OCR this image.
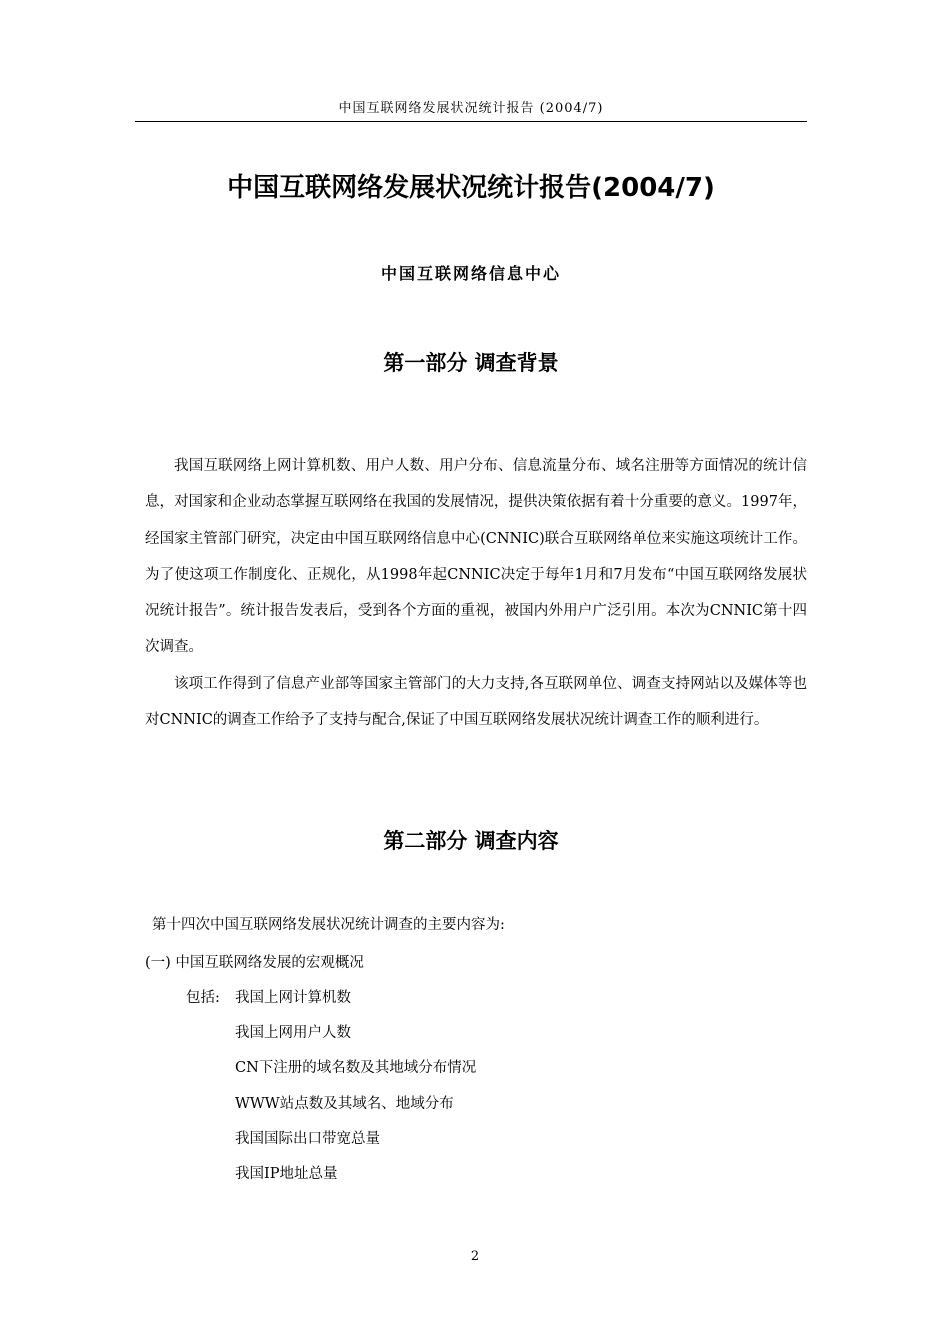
中国互联网络发展状况统计报告 (2004/7)
中国互联网络发展状况统计报告(2004/7)
中国互联网络信息中心
第一部分 调查背景

我国互联网络上网计算机数、用户人数、用户分布、信息流量分布、域名注册等方面情况的统计信息，对国家和企业动态掌握互联网络在我国的发展情况，提供决策依据有着十分重要的意义。1997年，经国家主管部门研究，决定由中国互联网络信息中心(CNNIC)联合互联网络单位来实施这项统计工作。为了使这项工作制度化、正规化，从1998年起CNNIC决定于每年1月和7月发布“中国互联网络发展状况统计报告”。统计报告发表后，受到各个方面的重视，被国内外用户广泛引用。本次为CNNIC第十四次调查。

该项工作得到了信息产业部等国家主管部门的大力支持,各互联网单位、调查支持网站以及媒体等也对CNNIC的调查工作给予了支持与配合,保证了中国互联网络发展状况统计调查工作的顺利进行。

第二部分 调查内容
第十四次中国互联网络发展状况统计调查的主要内容为:
(一) 中国互联网络发展的宏观概况
包括: 我国上网计算机数
我国上网用户人数
CN下注册的域名数及其地域分布情况
WWW站点数及其域名、地域分布
我国国际出口带宽总量
我国IP地址总量
2
